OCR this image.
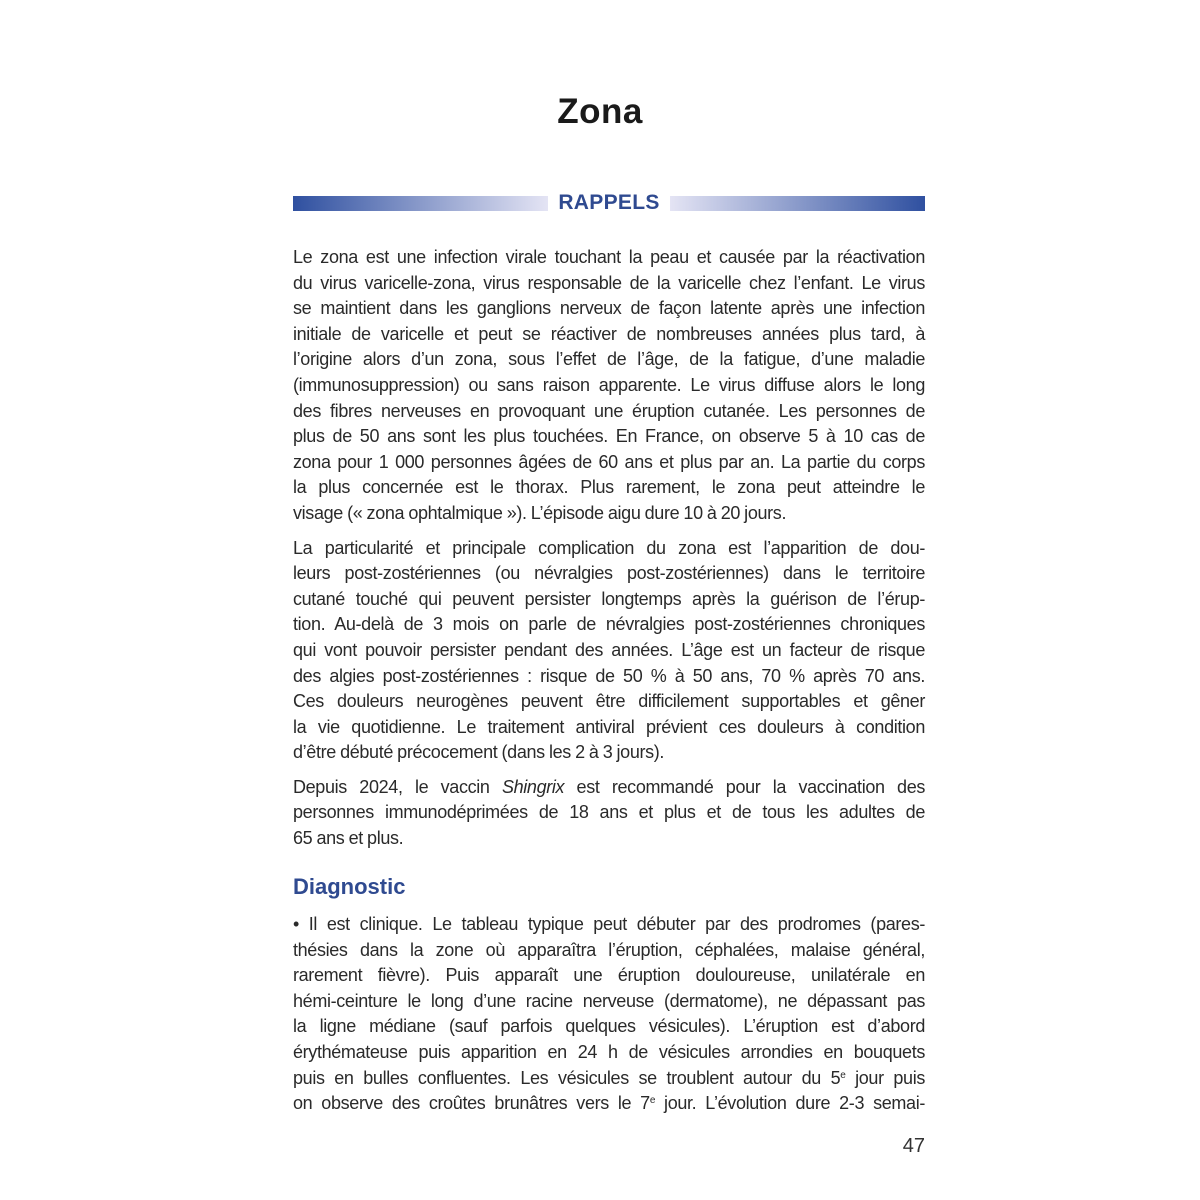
Zona
RAPPELS
Le zona est une infection virale touchant la peau et causée par la réactivation
du virus varicelle-zona, virus responsable de la varicelle chez l’enfant. Le virus
se maintient dans les ganglions nerveux de façon latente après une infection
initiale de varicelle et peut se réactiver de nombreuses années plus tard, à
l’origine alors d’un zona, sous l’effet de l’âge, de la fatigue, d’une maladie
(immunosuppression) ou sans raison apparente. Le virus diffuse alors le long
des fibres nerveuses en provoquant une éruption cutanée. Les personnes de
plus de 50 ans sont les plus touchées. En France, on observe 5 à 10 cas de
zona pour 1 000 personnes âgées de 60 ans et plus par an. La partie du corps
la plus concernée est le thorax. Plus rarement, le zona peut atteindre le
visage (« zona ophtalmique »). L’épisode aigu dure 10 à 20 jours.
La particularité et principale complication du zona est l’apparition de dou-
leurs post-zostériennes (ou névralgies post-zostériennes) dans le territoire
cutané touché qui peuvent persister longtemps après la guérison de l’érup-
tion. Au-delà de 3 mois on parle de névralgies post-zostériennes chroniques
qui vont pouvoir persister pendant des années. L’âge est un facteur de risque
des algies post-zostériennes : risque de 50 % à 50 ans, 70 % après 70 ans.
Ces douleurs neurogènes peuvent être difficilement supportables et gêner
la vie quotidienne. Le traitement antiviral prévient ces douleurs à condition
d’être débuté précocement (dans les 2 à 3 jours).
Depuis 2024, le vaccin Shingrix est recommandé pour la vaccination des
personnes immunodéprimées de 18 ans et plus et de tous les adultes de
65 ans et plus.
Diagnostic
• Il est clinique. Le tableau typique peut débuter par des prodromes (pares-
thésies dans la zone où apparaîtra l’éruption, céphalées, malaise général,
rarement fièvre). Puis apparaît une éruption douloureuse, unilatérale en
hémi-ceinture le long d’une racine nerveuse (dermatome), ne dépassant pas
la ligne médiane (sauf parfois quelques vésicules). L’éruption est d’abord
érythémateuse puis apparition en 24 h de vésicules arrondies en bouquets
puis en bulles confluentes. Les vésicules se troublent autour du 5e jour puis
on observe des croûtes brunâtres vers le 7e jour. L’évolution dure 2-3 semai-
47
